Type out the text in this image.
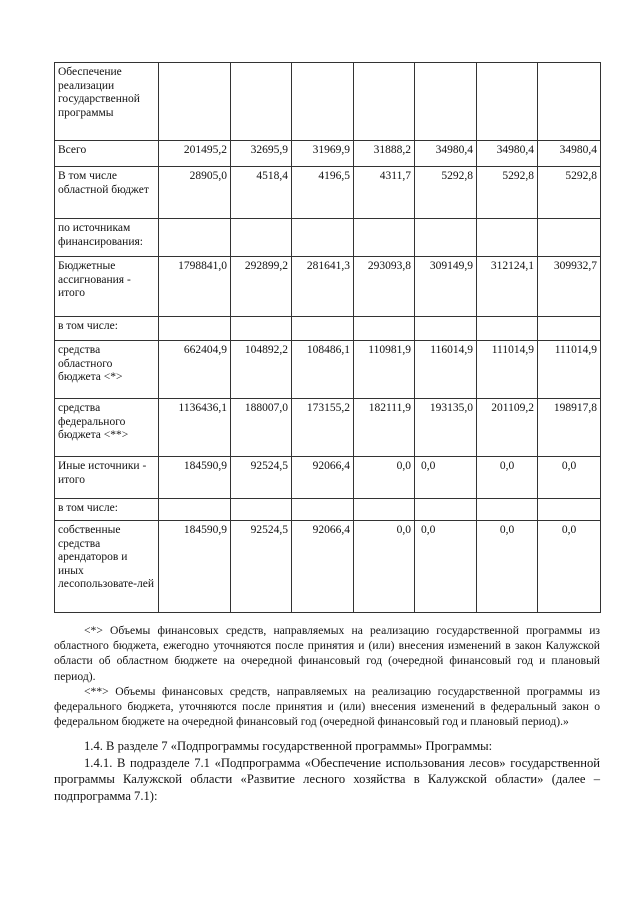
Обеспечение реализации государственной программы							
Всего	201495,2	32695,9	31969,9	31888,2	34980,4	34980,4	34980,4
В том числе областной бюджет	28905,0	4518,4	4196,5	4311,7	5292,8	5292,8	5292,8
по источникам финансирования:							
Бюджетные ассигнования - итого	1798841,0	292899,2	281641,3	293093,8	309149,9	312124,1	309932,7
в том числе:							
средства областного бюджета <*>	662404,9	104892,2	108486,1	110981,9	116014,9	111014,9	111014,9
средства федерального бюджета <**>	1136436,1	188007,0	173155,2	182111,9	193135,0	201109,2	198917,8
Иные источники - итого	184590,9	92524,5	92066,4	0,0	0,0	0,0	0,0
в том числе:							
собственные средства арендаторов и иных лесопользовате-лей	184590,9	92524,5	92066,4	0,0	0,0	0,0	0,0

<*> Объемы финансовых средств, направляемых на реализацию государственной программы из областного бюджета, ежегодно уточняются после принятия и (или) внесения изменений в закон Калужской области об областном бюджете на очередной финансовый год (очередной финансовый год и плановый период).

<**> Объемы финансовых средств, направляемых на реализацию государственной программы из федерального бюджета, уточняются после принятия и (или) внесения изменений в федеральный закон о федеральном бюджете на очередной финансовый год (очередной финансовый год и плановый период).»

1.4. В разделе 7 «Подпрограммы государственной программы» Программы:

1.4.1. В подразделе 7.1 «Подпрограмма «Обеспечение использования лесов» государственной программы Калужской области «Развитие лесного хозяйства в Калужской области» (далее – подпрограмма 7.1):
